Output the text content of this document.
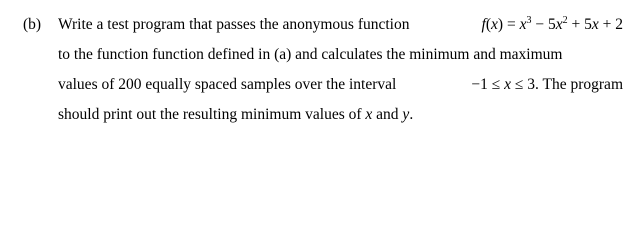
(b)	Write a test program that passes the anonymous function	$f(x) = x^3 - 5x^2 + 5x + 2$
to the function function defined in (a) and calculates the minimum and maximum
values of 200 equally spaced samples over the interval	−1 ≤ x ≤ 3. The program
should print out the resulting minimum values of x and y.
